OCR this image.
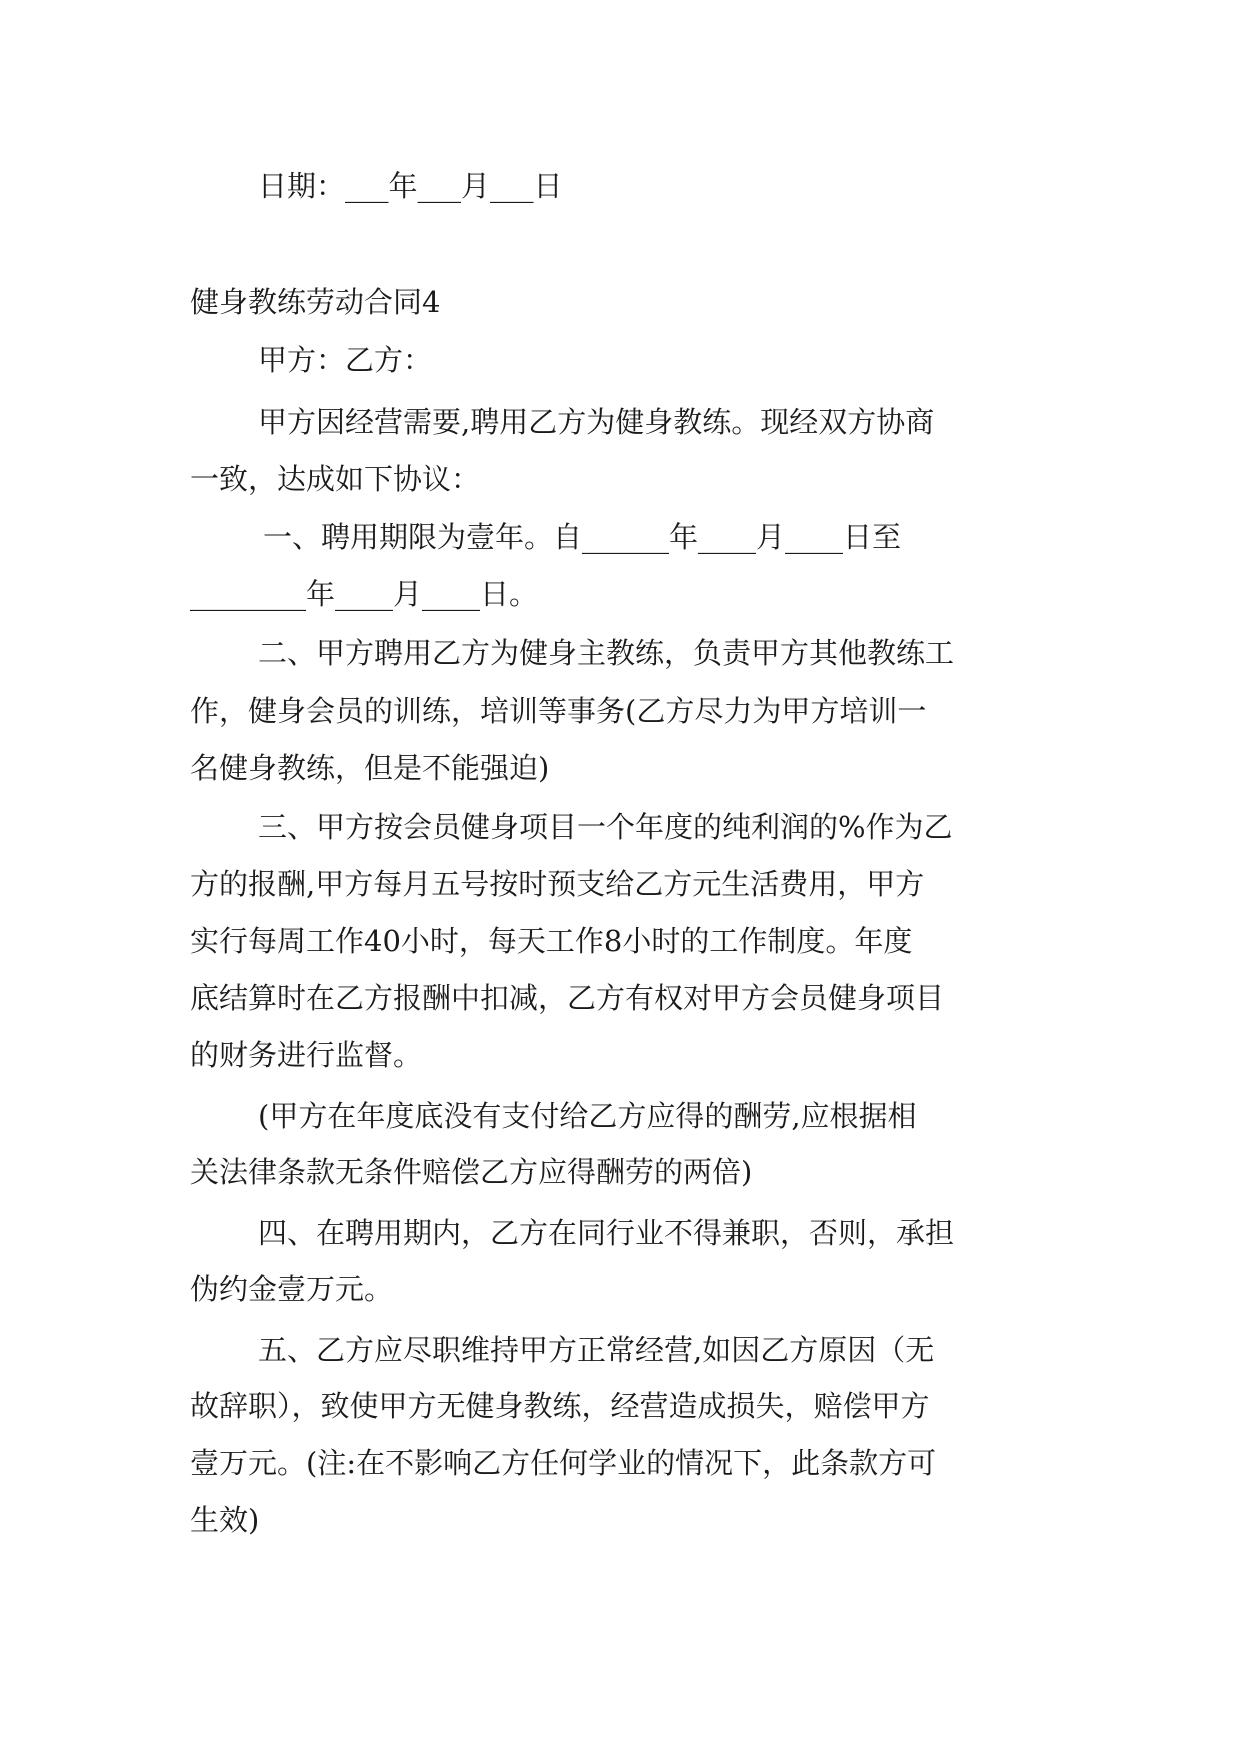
日期：___年___月___日

健身教练劳动合同4

甲方：乙方：

甲方因经营需要,聘用乙方为健身教练。现经双方协商

一致，达成如下协议：

一、聘用期限为壹年。自______年____月____日至

________年____月____日。

二、甲方聘用乙方为健身主教练，负责甲方其他教练工

作，健身会员的训练，培训等事务(乙方尽力为甲方培训一

名健身教练，但是不能强迫)

三、甲方按会员健身项目一个年度的纯利润的%作为乙

方的报酬,甲方每月五号按时预支给乙方元生活费用，甲方

实行每周工作40小时，每天工作8小时的工作制度。年度

底结算时在乙方报酬中扣减，乙方有权对甲方会员健身项目

的财务进行监督。

(甲方在年度底没有支付给乙方应得的酬劳,应根据相

关法律条款无条件赔偿乙方应得酬劳的两倍)

四、在聘用期内，乙方在同行业不得兼职，否则，承担

伪约金壹万元。

五、乙方应尽职维持甲方正常经营,如因乙方原因（无

故辞职），致使甲方无健身教练，经营造成损失，赔偿甲方

壹万元。(注:在不影响乙方任何学业的情况下，此条款方可

生效)
